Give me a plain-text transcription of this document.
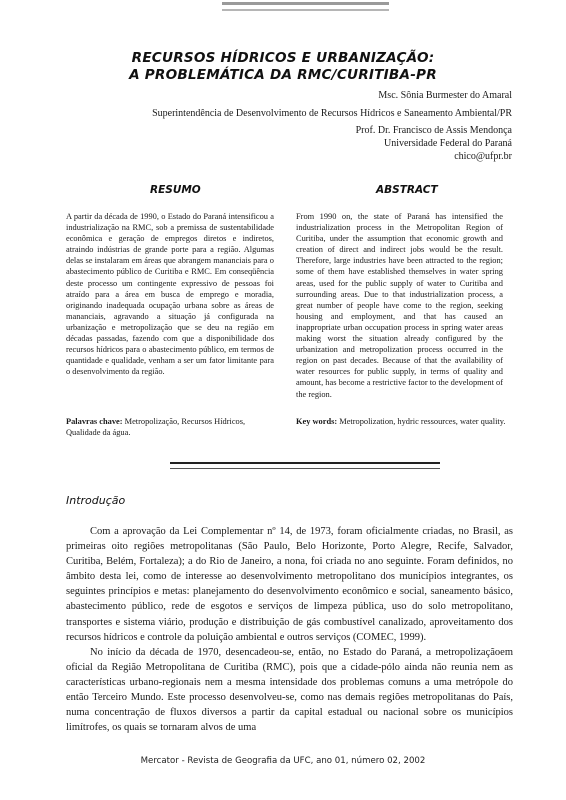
RECURSOS HÍDRICOS E URBANIZAÇÃO:
A PROBLEMÁTICA DA RMC/CURITIBA-PR
Msc. Sônia Burmester do Amaral
Superintendência de Desenvolvimento de Recursos Hídricos e Saneamento Ambiental/PR
Prof. Dr. Francisco de Assis Mendonça
Universidade Federal do Paraná
chico@ufpr.br
RESUMO	ABSTRACT

A partir da década de 1990, o Estado do Paraná intensificou a industrialização na RMC, sob a premissa de sustentabilidade econômica e geração de empregos diretos e indiretos, atraindo indústrias de grande porte para a região. Algumas delas se instalaram em áreas que abrangem mananciais para o abastecimento público de Curitiba e RMC. Em conseqüência deste processo um contingente expressivo de pessoas foi atraído para a área em busca de emprego e moradia, originando inadequada ocupação urbana sobre as áreas de mananciais, agravando a situação já configurada na urbanização e metropolização que se deu na região em décadas passadas, fazendo com que a disponibilidade dos recursos hídricos para o abastecimento público, em termos de quantidade e qualidade, venham a ser um fator limitante para o desenvolvimento da região.

Palavras chave: Metropolização, Recursos Hídricos, Qualidade da água.

From 1990 on, the state of Paraná has intensified the industrialization process in the Metropolitan Region of Curitiba, under the assumption that economic growth and creation of direct and indirect jobs would be the result. Therefore, large industries have been attracted to the region; some of them have established themselves in water spring areas, used for the public supply of water to Curitiba and surrounding areas. Due to that industrialization process, a great number of people have come to the region, seeking housing and employment, and that has caused an inappropriate urban occupation process in spring water areas making worst the situation already configured by the urbanization and metropolization process occurred in the region on past decades. Because of that the availability of water resources for public supply, in terms of quality and amount, has become a restrictive factor to the development of the region.

Key words: Metropolization, hydric ressources, water quality.
Introdução

Com a aprovação da Lei Complementar nº 14, de 1973, foram oficialmente criadas, no Brasil, as primeiras oito regiões metropolitanas (São Paulo, Belo Horizonte, Porto Alegre, Recife, Salvador, Curitiba, Belém, Fortaleza); a do Rio de Janeiro, a nona, foi criada no ano seguinte. Foram definidos, no âmbito desta lei, como de interesse ao desenvolvimento metropolitano dos municípios integrantes, os seguintes princípios e metas: planejamento do desenvolvimento econômico e social, saneamento básico, abastecimento público, rede de esgotos e serviços de limpeza pública, uso do solo metropolitano, transportes e sistema viário, produção e distribuição de gás combustível canalizado, aproveitamento dos recursos hídricos e controle da poluição ambiental e outros serviços (COMEC, 1999).

No início da década de 1970, desencadeou-se, então, no Estado do Paraná, a metropolizaçãoem oficial da Região Metropolitana de Curitiba (RMC), pois que a cidade-pólo ainda não reunia nem as características urbano-regionais nem a mesma intensidade dos problemas comuns a uma metrópole do então Terceiro Mundo. Este processo desenvolveu-se, como nas demais regiões metropolitanas do País, numa concentração de fluxos diversos a partir da capital estadual ou nacional sobre os municípios limítrofes, os quais se tornaram alvos de uma

Mercator - Revista de Geografia da UFC, ano 01, número 02, 2002
